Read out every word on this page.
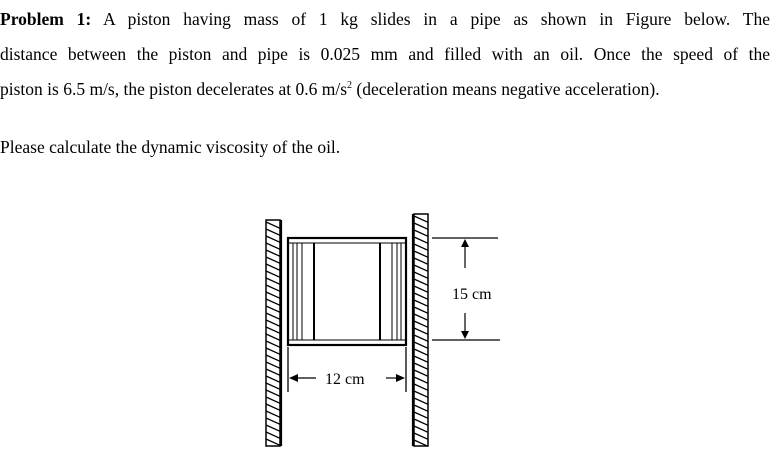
Problem 1: A piston having mass of 1 kg slides in a pipe as shown in Figure below. The
distance between the piston and pipe is 0.025 mm and filled with an oil. Once the speed of the
piston is 6.5 m/s, the piston decelerates at 0.6 $m/s^2$ (deceleration means negative acceleration).
Please calculate the dynamic viscosity of the oil.
15 cm
12 cm
